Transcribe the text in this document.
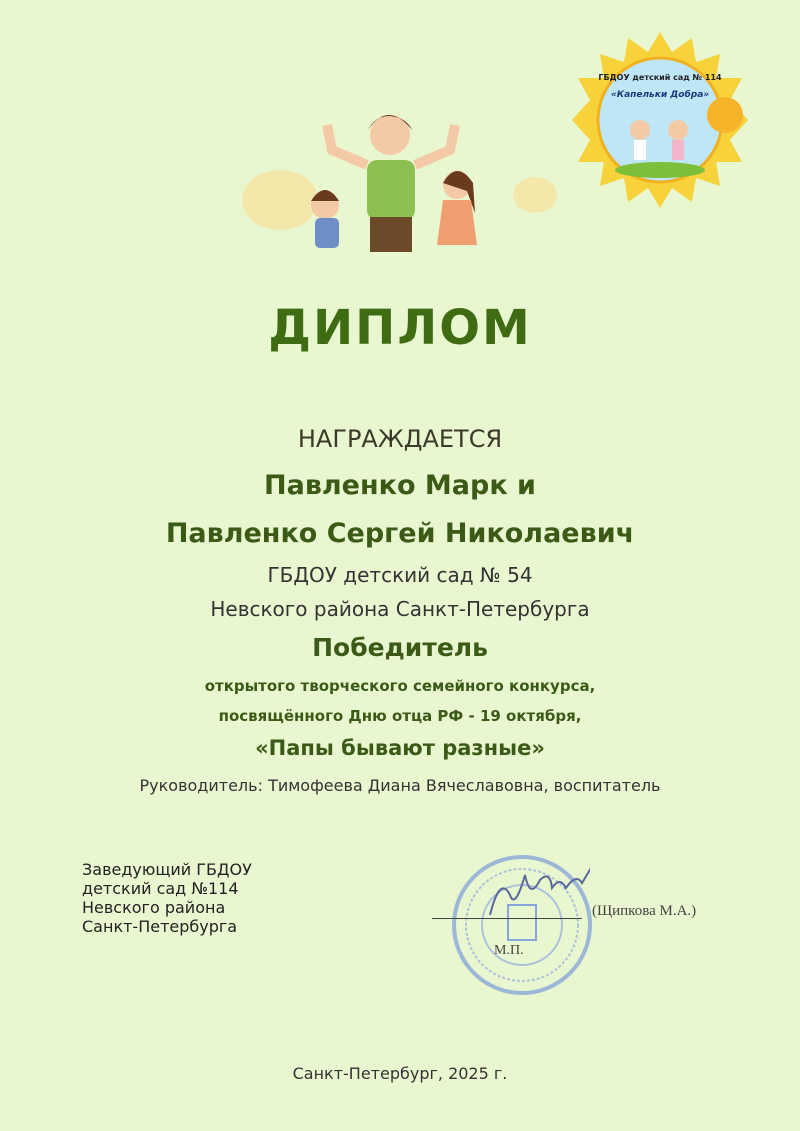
ГБДОУ детский сад № 114
«Капельки Добра»
ДИПЛОМ
НАГРАЖДАЕТСЯ
Павленко Марк и
Павленко Сергей Николаевич
ГБДОУ детский сад № 54
Невского района Санкт-Петербурга
Победитель
открытого творческого семейного конкурса,
посвящённого Дню отца РФ - 19 октября,
«Папы бывают разные»
Руководитель: Тимофеева Диана Вячеславовна, воспитатель
Заведующий ГБДОУ
детский сад №114
Невского района
Санкт-Петербурга
(Щипкова М.А.)
М.П.
Санкт-Петербург, 2025 г.
